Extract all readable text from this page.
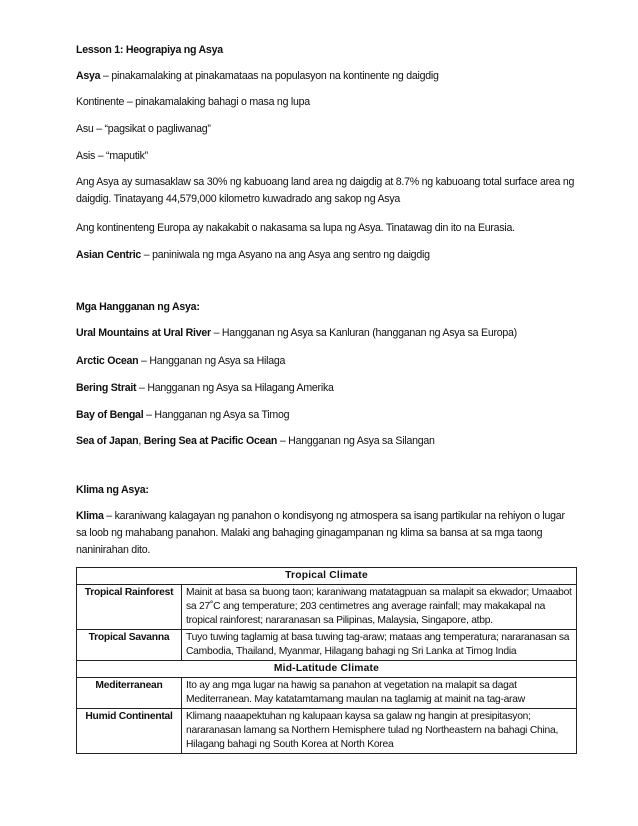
Lesson 1: Heograpiya ng Asya
Asya – pinakamalaking at pinakamataas na populasyon na kontinente ng daigdig
Kontinente – pinakamalaking bahagi o masa ng lupa
Asu – “pagsikat o pagliwanag”
Asis – “maputik”
Ang Asya ay sumasaklaw sa 30% ng kabuoang land area ng daigdig at 8.7% ng kabuoang total surface area ng daigdig. Tinatayang 44,579,000 kilometro kuwadrado ang sakop ng Asya
Ang kontinenteng Europa ay nakakabit o nakasama sa lupa ng Asya. Tinatawag din ito na Eurasia.
Asian Centric – paniniwala ng mga Asyano na ang Asya ang sentro ng daigdig
Mga Hangganan ng Asya:
Ural Mountains at Ural River – Hangganan ng Asya sa Kanluran (hangganan ng Asya sa Europa)
Arctic Ocean – Hangganan ng Asya sa Hilaga
Bering Strait – Hangganan ng Asya sa Hilagang Amerika
Bay of Bengal – Hangganan ng Asya sa Timog
Sea of Japan, Bering Sea at Pacific Ocean – Hangganan ng Asya sa Silangan
Klima ng Asya:
Klima – karaniwang kalagayan ng panahon o kondisyong ng atmospera sa isang partikular na rehiyon o lugar sa loob ng mahabang panahon. Malaki ang bahaging ginagampanan ng klima sa bansa at sa mga taong naninirahan dito.
Tropical Climate	
Tropical Rainforest	Mainit at basa sa buong taon; karaniwang matatagpuan sa malapit sa ekwador; Umaabot sa 27˚C ang temperature; 203 centimetres ang average rainfall; may makakapal na tropical rainforest; nararanasan sa Pilipinas, Malaysia, Singapore, atbp.
Tropical Savanna	Tuyo tuwing taglamig at basa tuwing tag-araw; mataas ang temperatura; nararanasan sa Cambodia, Thailand, Myanmar, Hilagang bahagi ng Sri Lanka at Timog India
Mid-Latitude Climate	
Mediterranean	Ito ay ang mga lugar na hawig sa panahon at vegetation na malapit sa dagat Mediterranean. May katatamtamang maulan na taglamig at mainit na tag-araw
Humid Continental	Klimang naaapektuhan ng kalupaan kaysa sa galaw ng hangin at presipitasyon; nararanasan lamang sa Northern Hemisphere tulad ng Northeastern na bahagi China, Hilagang bahagi ng South Korea at North Korea
